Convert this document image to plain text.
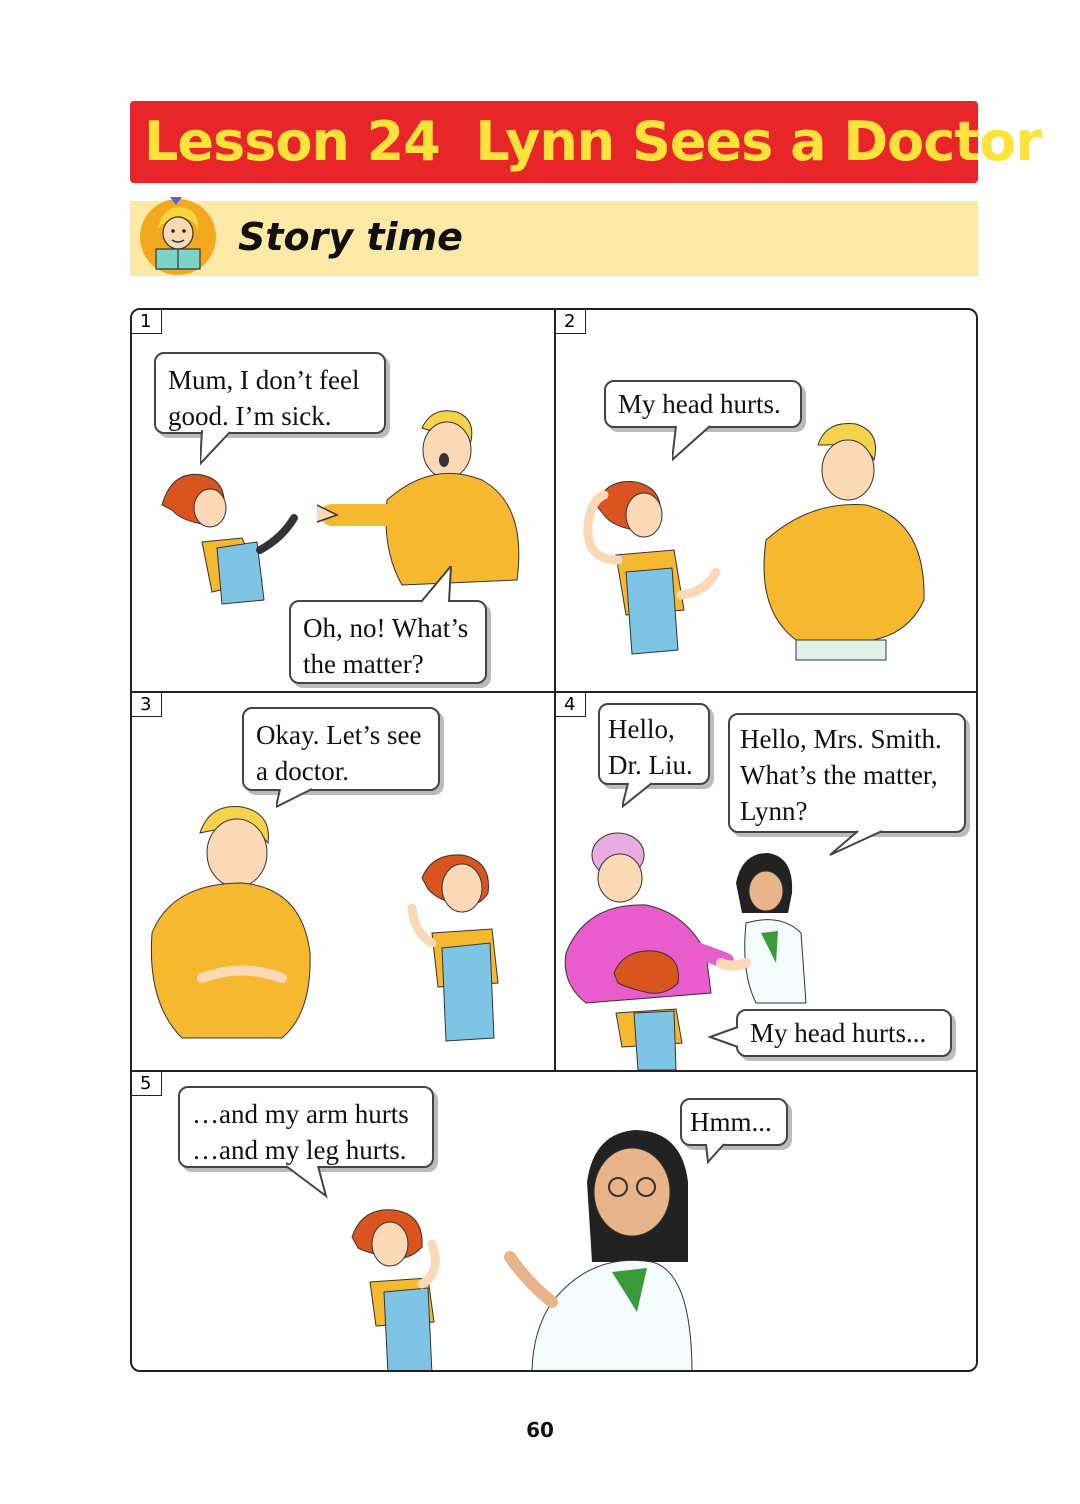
Lesson 24  Lynn Sees a Doctor
Story time
1
Mum, I don’t feel
good. I’m sick.
Oh, no! What’s
the matter?
2
My head hurts.
3
Okay. Let’s see
a doctor.
4
Hello,
Dr. Liu.
Hello, Mrs. Smith.
What’s the matter,
Lynn?
My head hurts...
5
…and my arm hurts
…and my leg hurts.
Hmm...
60
